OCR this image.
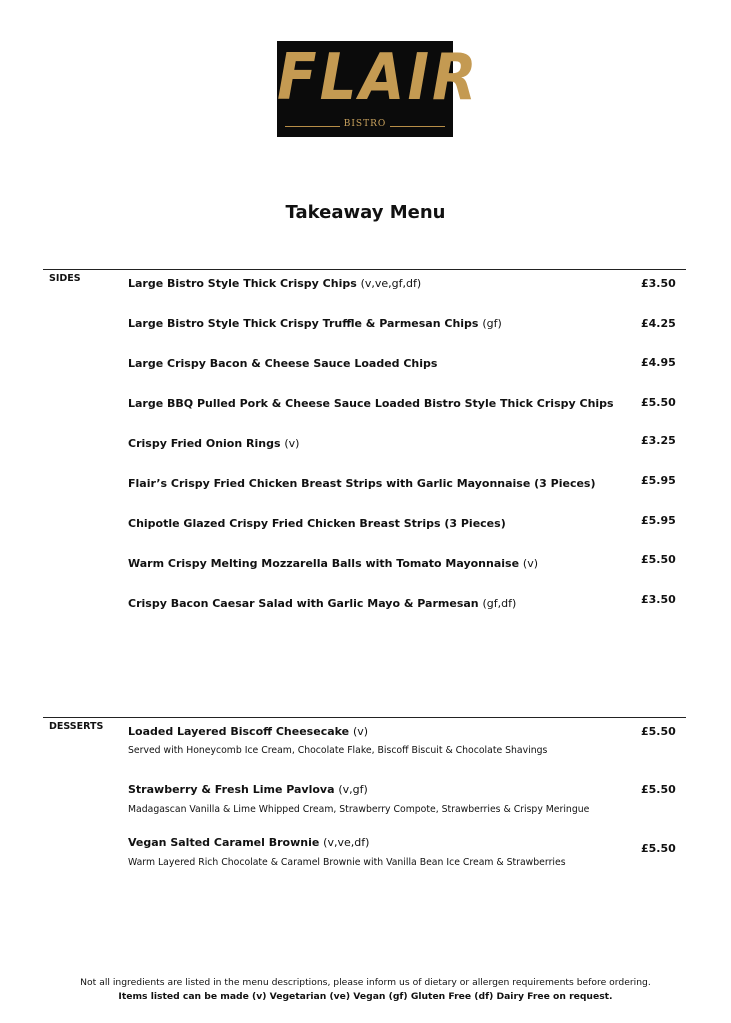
FLAIR
BISTRO
Takeaway Menu
SIDES	Large Bistro Style Thick Crispy Chips (v,ve,gf,df)	£3.50
Large Bistro Style Thick Crispy Truffle & Parmesan Chips (gf)	£4.25
Large Crispy Bacon & Cheese Sauce Loaded Chips	£4.95
Large BBQ Pulled Pork & Cheese Sauce Loaded Bistro Style Thick Crispy Chips £5.50
Crispy Fried Onion Rings (v)	£3.25
Flair’s Crispy Fried Chicken Breast Strips with Garlic Mayonnaise (3 Pieces)	£5.95
Chipotle Glazed Crispy Fried Chicken Breast Strips (3 Pieces)	£5.95
Warm Crispy Melting Mozzarella Balls with Tomato Mayonnaise (v)	£5.50
Crispy Bacon Caesar Salad with Garlic Mayo & Parmesan (gf,df)	£3.50
DESSERTS Loaded Layered Biscoff Cheesecake (v)
Served with Honeycomb Ice Cream, Chocolate Flake, Biscoff Biscuit & Chocolate Shavings
£5.50
Strawberry & Fresh Lime Pavlova (v,gf)
Madagascan Vanilla & Lime Whipped Cream, Strawberry Compote, Strawberries & Crispy Meringue
£5.50
Vegan Salted Caramel Brownie (v,ve,df)
Warm Layered Rich Chocolate & Caramel Brownie with Vanilla Bean Ice Cream & Strawberries
£5.50
Not all ingredients are listed in the menu descriptions, please inform us of dietary or allergen requirements before ordering.
Items listed can be made (v) Vegetarian (ve) Vegan (gf) Gluten Free (df) Dairy Free on request.
